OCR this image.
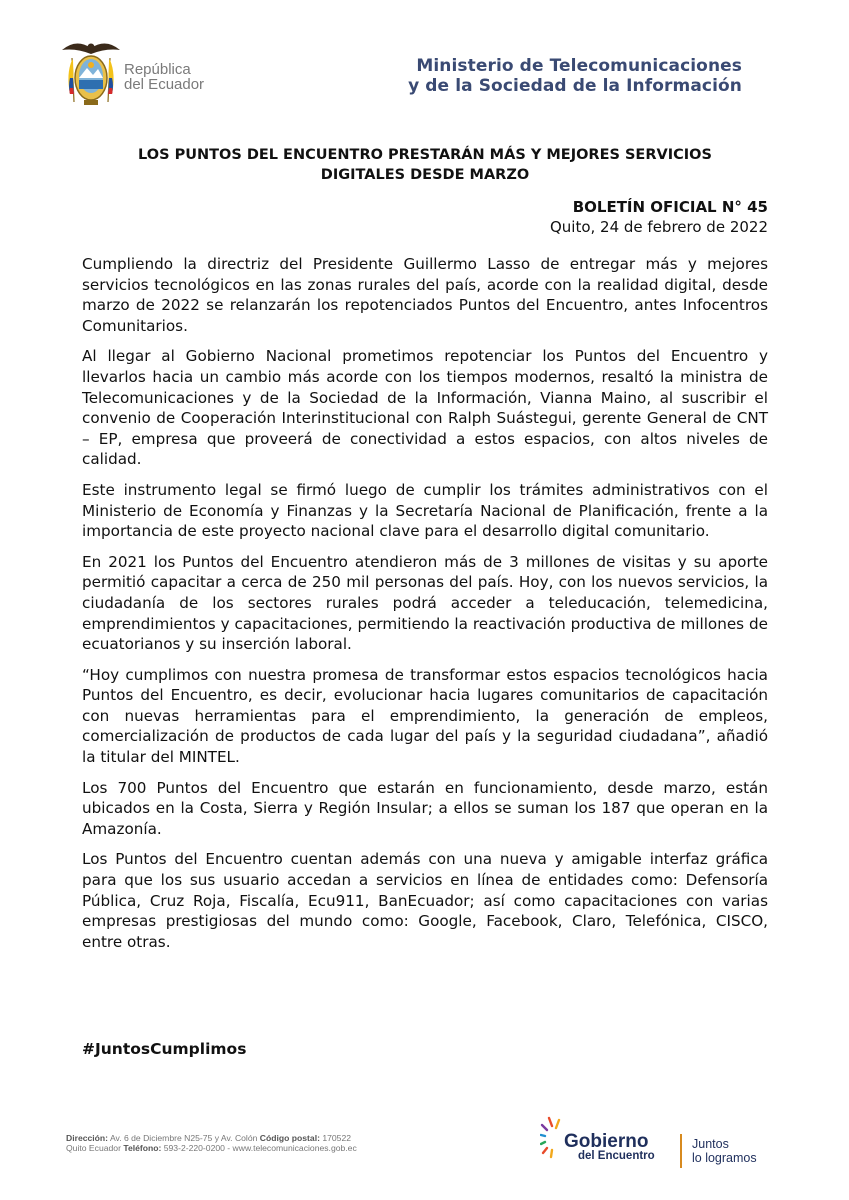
República
del Ecuador
Ministerio de Telecomunicaciones
y de la Sociedad de la Información
LOS PUNTOS DEL ENCUENTRO PRESTARÁN MÁS Y MEJORES SERVICIOS
DIGITALES DESDE MARZO
BOLETÍN OFICIAL N° 45
Quito, 24 de febrero de 2022

Cumpliendo la directriz del Presidente Guillermo Lasso de entregar más y mejores servicios tecnológicos en las zonas rurales del país, acorde con la realidad digital, desde marzo de 2022 se relanzarán los repotenciados Puntos del Encuentro, antes Infocentros Comunitarios.

Al llegar al Gobierno Nacional prometimos repotenciar los Puntos del Encuentro y llevarlos hacia un cambio más acorde con los tiempos modernos, resaltó la ministra de Telecomunicaciones y de la Sociedad de la Información, Vianna Maino, al suscribir el convenio de Cooperación Interinstitucional con Ralph Suástegui, gerente General de CNT – EP, empresa que proveerá de conectividad a estos espacios, con altos niveles de calidad.

Este instrumento legal se firmó luego de cumplir los trámites administrativos con el Ministerio de Economía y Finanzas y la Secretaría Nacional de Planificación, frente a la importancia de este proyecto nacional clave para el desarrollo digital comunitario.

En 2021 los Puntos del Encuentro atendieron más de 3 millones de visitas y su aporte permitió capacitar a cerca de 250 mil personas del país. Hoy, con los nuevos servicios, la ciudadanía de los sectores rurales podrá acceder a teleducación, telemedicina, emprendimientos y capacitaciones, permitiendo la reactivación productiva de millones de ecuatorianos y su inserción laboral.

“Hoy cumplimos con nuestra promesa de transformar estos espacios tecnológicos hacia Puntos del Encuentro, es decir, evolucionar hacia lugares comunitarios de capacitación con nuevas herramientas para el emprendimiento, la generación de empleos, comercialización de productos de cada lugar del país y la seguridad ciudadana”, añadió la titular del MINTEL.

Los 700 Puntos del Encuentro que estarán en funcionamiento, desde marzo, están ubicados en la Costa, Sierra y Región Insular; a ellos se suman los 187 que operan en la Amazonía.

Los Puntos del Encuentro cuentan además con una nueva y amigable interfaz gráfica para que los sus usuario accedan a servicios en línea de entidades como: Defensoría Pública, Cruz Roja, Fiscalía, Ecu911, BanEcuador; así como capacitaciones con varias empresas prestigiosas del mundo como: Google, Facebook, Claro, Telefónica, CISCO, entre otras.

#JuntosCumplimos
Dirección: Av. 6 de Diciembre N25-75 y Av. Colón Código postal: 170522
Quito Ecuador Teléfono: 593-2-220-0200 - www.telecomunicaciones.gob.ec	Gobierno
del Encuentro
Juntos
lo logramos
